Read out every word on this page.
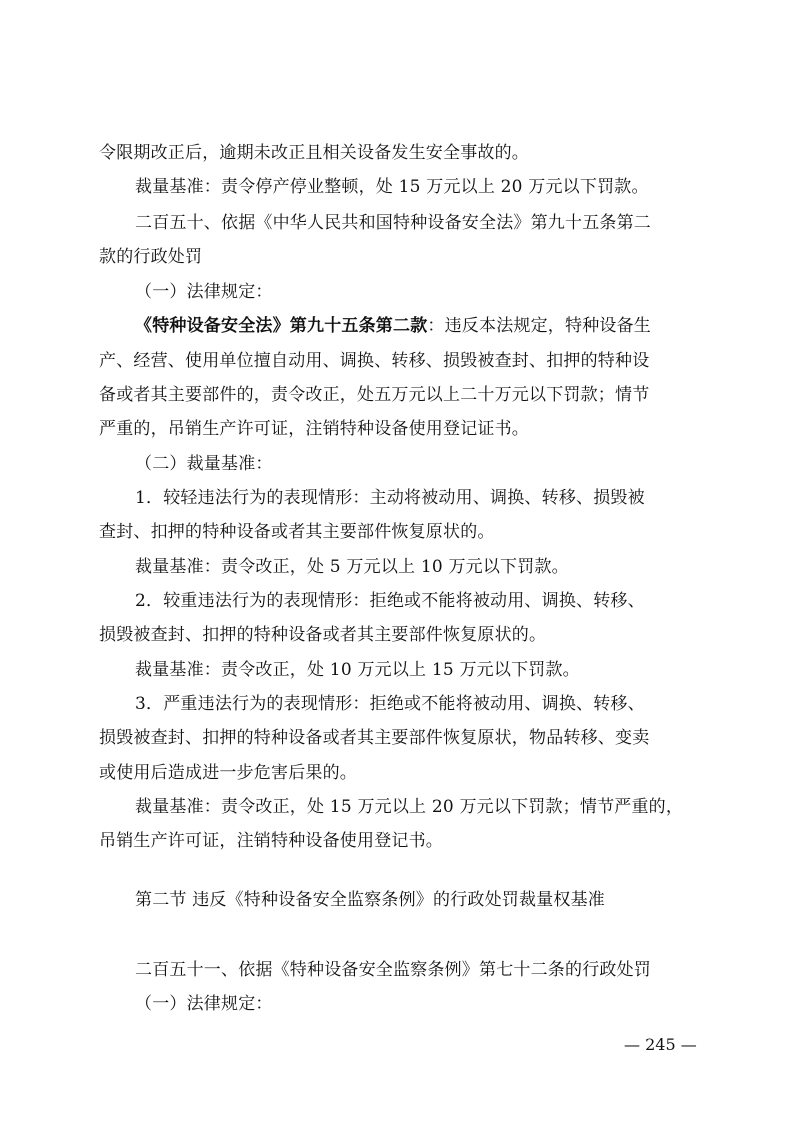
令限期改正后，逾期未改正且相关设备发生安全事故的。
裁量基准：责令停产停业整顿，处 15 万元以上 20 万元以下罚款。
二百五十、依据《中华人民共和国特种设备安全法》第九十五条第二
款的行政处罚
（一）法律规定：
《特种设备安全法》第九十五条第二款：违反本法规定，特种设备生
产、经营、使用单位擅自动用、调换、转移、损毁被查封、扣押的特种设
备或者其主要部件的，责令改正，处五万元以上二十万元以下罚款；情节
严重的，吊销生产许可证，注销特种设备使用登记证书。
（二）裁量基准：
1．较轻违法行为的表现情形：主动将被动用、调换、转移、损毁被
查封、扣押的特种设备或者其主要部件恢复原状的。
裁量基准：责令改正，处 5 万元以上 10 万元以下罚款。
2．较重违法行为的表现情形：拒绝或不能将被动用、调换、转移、
损毁被查封、扣押的特种设备或者其主要部件恢复原状的。
裁量基准：责令改正，处 10 万元以上 15 万元以下罚款。
3．严重违法行为的表现情形：拒绝或不能将被动用、调换、转移、
损毁被查封、扣押的特种设备或者其主要部件恢复原状，物品转移、变卖
或使用后造成进一步危害后果的。
裁量基准：责令改正，处 15 万元以上 20 万元以下罚款；情节严重的，
吊销生产许可证，注销特种设备使用登记书。
第二节 违反《特种设备安全监察条例》的行政处罚裁量权基准
二百五十一、依据《特种设备安全监察条例》第七十二条的行政处罚
（一）法律规定：
— 245 —
